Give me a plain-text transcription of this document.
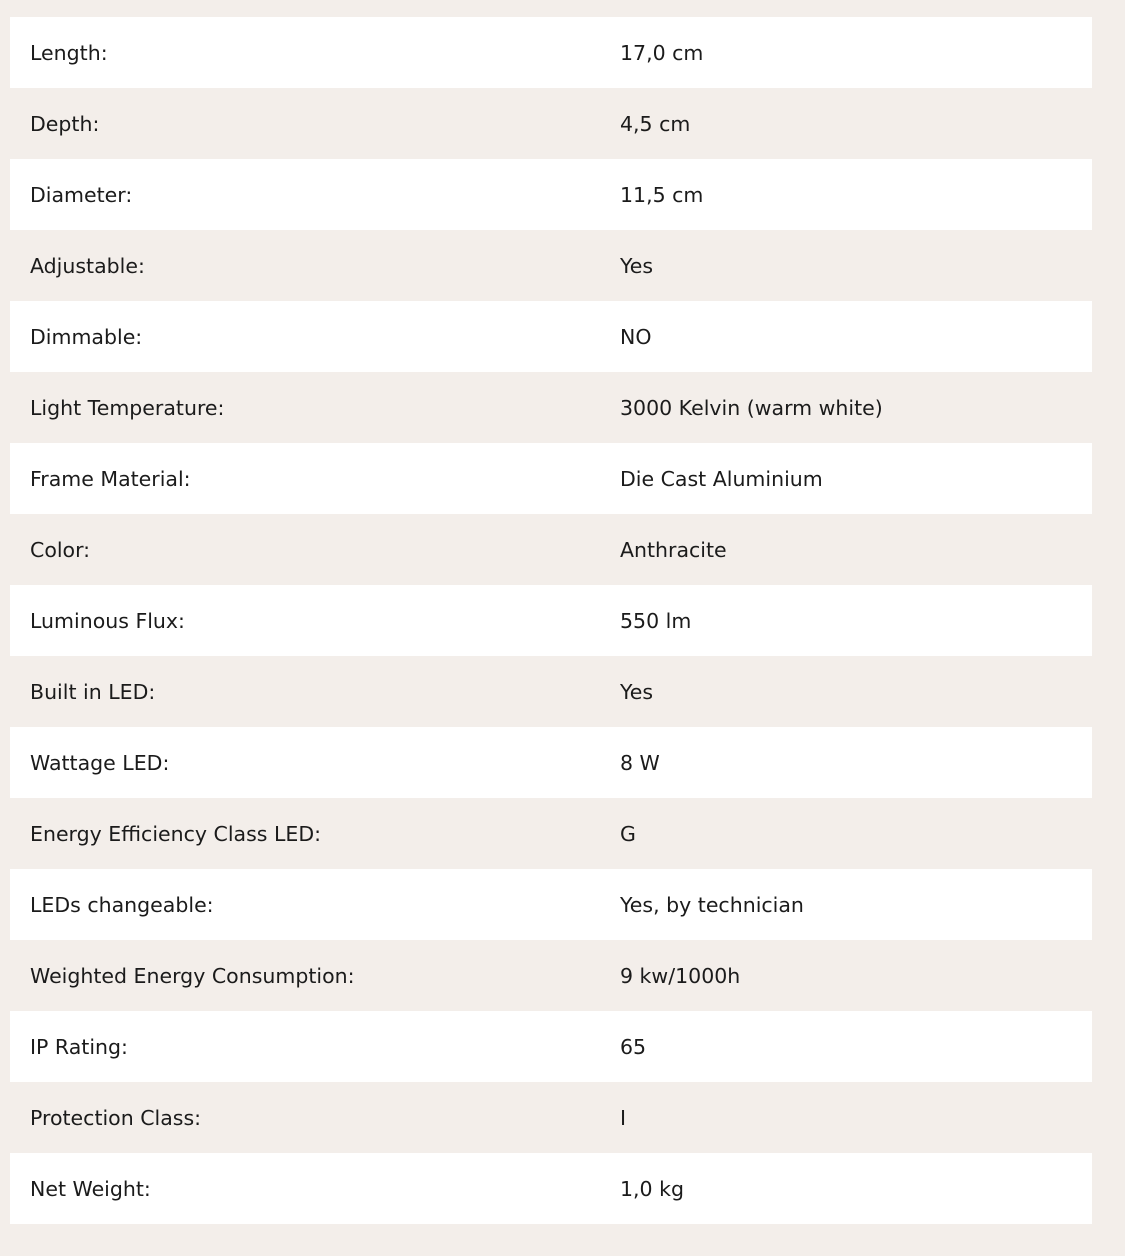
Length:	17,0 cm
Depth:	4,5 cm
Diameter:	11,5 cm
Adjustable:	Yes
Dimmable:	NO
Light Temperature:	3000 Kelvin (warm white)
Frame Material:	Die Cast Aluminium
Color:	Anthracite
Luminous Flux:	550 lm
Built in LED:	Yes
Wattage LED:	8 W
Energy Efficiency Class LED:	G
LEDs changeable:	Yes, by technician
Weighted Energy Consumption:	9 kw/1000h
IP Rating:	65
Protection Class:	I
Net Weight:	1,0 kg
